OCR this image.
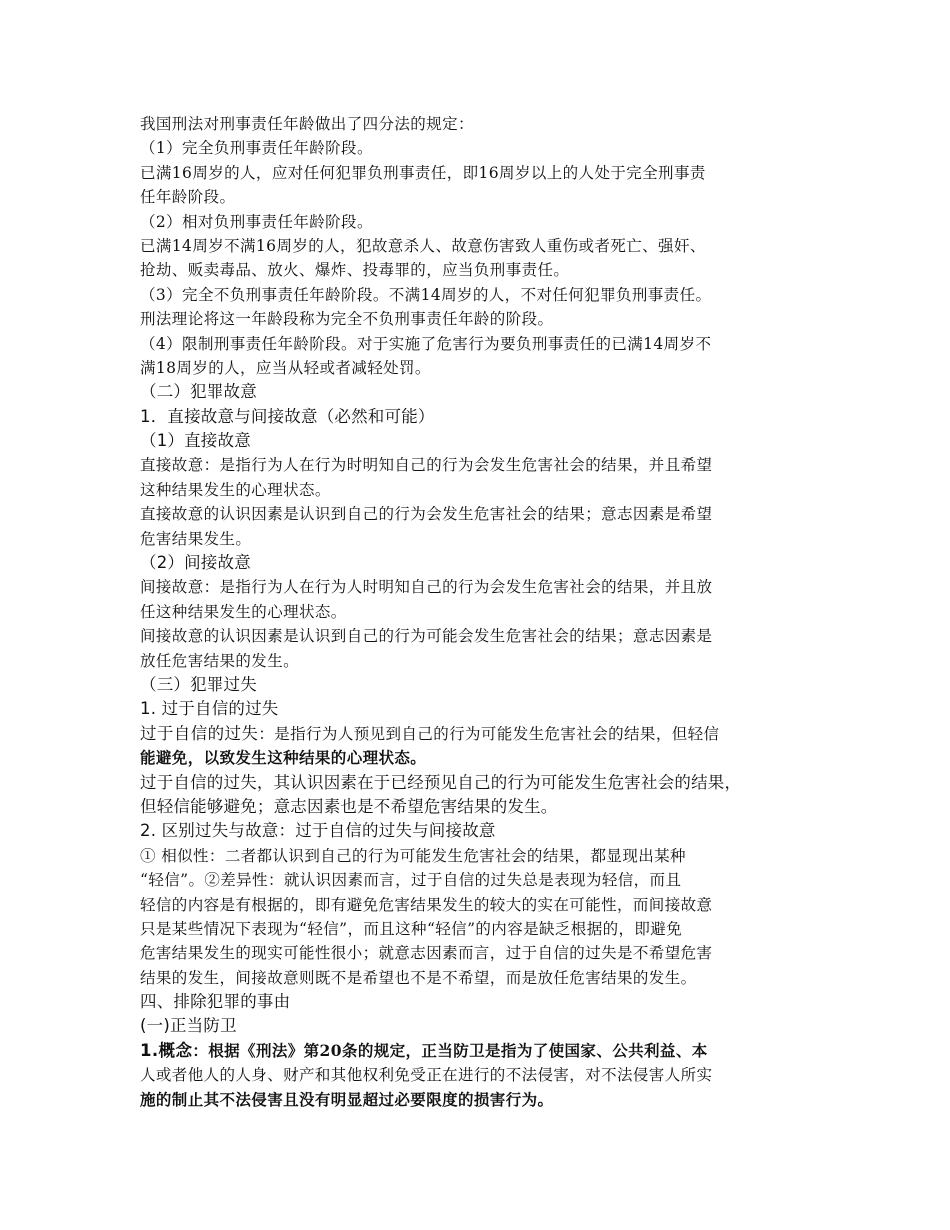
我国刑法对刑事责任年龄做出了四分法的规定：
（1）完全负刑事责任年龄阶段。
已满16周岁的人，应对任何犯罪负刑事责任，即16周岁以上的人处于完全刑事责
任年龄阶段。
（2）相对负刑事责任年龄阶段。
已满14周岁不满16周岁的人，犯故意杀人、故意伤害致人重伤或者死亡、强奸、
抢劫、贩卖毒品、放火、爆炸、投毒罪的，应当负刑事责任。
（3）完全不负刑事责任年龄阶段。不满14周岁的人，不对任何犯罪负刑事责任。
刑法理论将这一年龄段称为完全不负刑事责任年龄的阶段。
（4）限制刑事责任年龄阶段。对于实施了危害行为要负刑事责任的已满14周岁不
满18周岁的人，应当从轻或者减轻处罚。
（二）犯罪故意
1．直接故意与间接故意（必然和可能）
（1）直接故意
直接故意：是指行为人在行为时明知自己的行为会发生危害社会的结果，并且希望
这种结果发生的心理状态。
直接故意的认识因素是认识到自己的行为会发生危害社会的结果；意志因素是希望
危害结果发生。
（2）间接故意
间接故意：是指行为人在行为人时明知自己的行为会发生危害社会的结果，并且放
任这种结果发生的心理状态。
间接故意的认识因素是认识到自己的行为可能会发生危害社会的结果；意志因素是
放任危害结果的发生。
（三）犯罪过失
1. 过于自信的过失
过于自信的过失：是指行为人预见到自己的行为可能发生危害社会的结果，但轻信
能避免，以致发生这种结果的心理状态。
过于自信的过失，其认识因素在于已经预见自己的行为可能发生危害社会的结果，
但轻信能够避免；意志因素也是不希望危害结果的发生。
2. 区别过失与故意：过于自信的过失与间接故意
① 相似性：二者都认识到自己的行为可能发生危害社会的结果，都显现出某种
“轻信”。②差异性：就认识因素而言，过于自信的过失总是表现为轻信，而且
轻信的内容是有根据的，即有避免危害结果发生的较大的实在可能性，而间接故意
只是某些情况下表现为“轻信”，而且这种“轻信”的内容是缺乏根据的，即避免
危害结果发生的现实可能性很小；就意志因素而言，过于自信的过失是不希望危害
结果的发生，间接故意则既不是希望也不是不希望，而是放任危害结果的发生。
四、排除犯罪的事由
(一)正当防卫
1.概念：根据《刑法》第20条的规定，正当防卫是指为了使国家、公共利益、本
人或者他人的人身、财产和其他权利免受正在进行的不法侵害，对不法侵害人所实
施的制止其不法侵害且没有明显超过必要限度的损害行为。
